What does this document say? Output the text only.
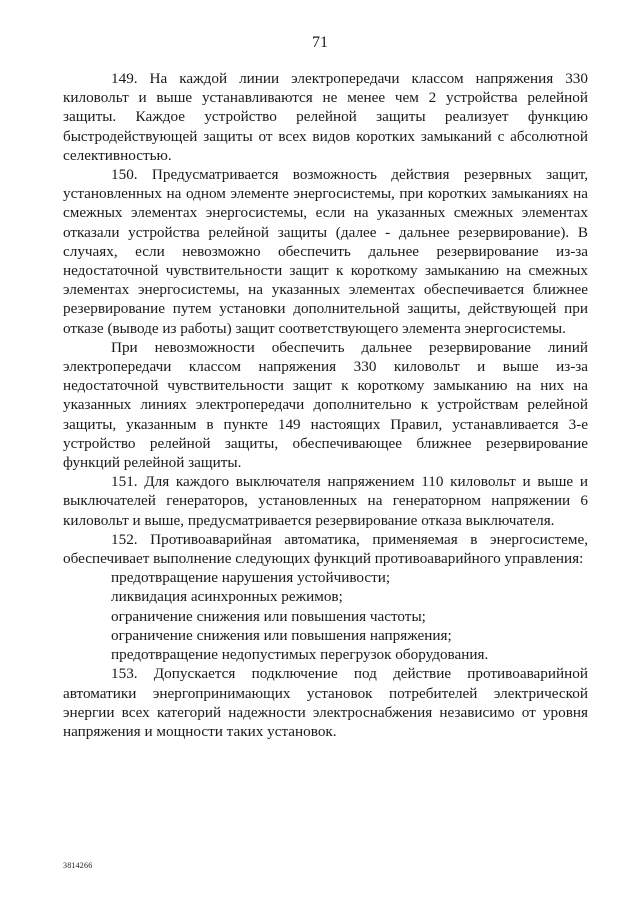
71

149. На каждой линии электропередачи классом напряжения 330 киловольт и выше устанавливаются не менее чем 2 устройства релейной защиты. Каждое устройство релейной защиты реализует функцию быстродействующей защиты от всех видов коротких замыканий с абсолютной селективностью.

150. Предусматривается возможность действия резервных защит, установленных на одном элементе энергосистемы, при коротких замыканиях на смежных элементах энергосистемы, если на указанных смежных элементах отказали устройства релейной защиты (далее - дальнее резервирование). В случаях, если невозможно обеспечить дальнее резервирование из-за недостаточной чувствительности защит к короткому замыканию на смежных элементах энергосистемы, на указанных элементах обеспечивается ближнее резервирование путем установки дополнительной защиты, действующей при отказе (выводе из работы) защит соответствующего элемента энергосистемы.

При невозможности обеспечить дальнее резервирование линий электропередачи классом напряжения 330 киловольт и выше из-за недостаточной чувствительности защит к короткому замыканию на них на указанных линиях электропередачи дополнительно к устройствам релейной защиты, указанным в пункте 149 настоящих Правил, устанавливается 3-е устройство релейной защиты, обеспечивающее ближнее резервирование функций релейной защиты.

151. Для каждого выключателя напряжением 110 киловольт и выше и выключателей генераторов, установленных на генераторном напряжении 6 киловольт и выше, предусматривается резервирование отказа выключателя.

152. Противоаварийная автоматика, применяемая в энергосистеме, обеспечивает выполнение следующих функций противоаварийного управления:

предотвращение нарушения устойчивости;

ликвидация асинхронных режимов;

ограничение снижения или повышения частоты;

ограничение снижения или повышения напряжения;

предотвращение недопустимых перегрузок оборудования.

153. Допускается подключение под действие противоаварийной автоматики энергопринимающих установок потребителей электрической энергии всех категорий надежности электроснабжения независимо от уровня напряжения и мощности таких установок.

3814266
